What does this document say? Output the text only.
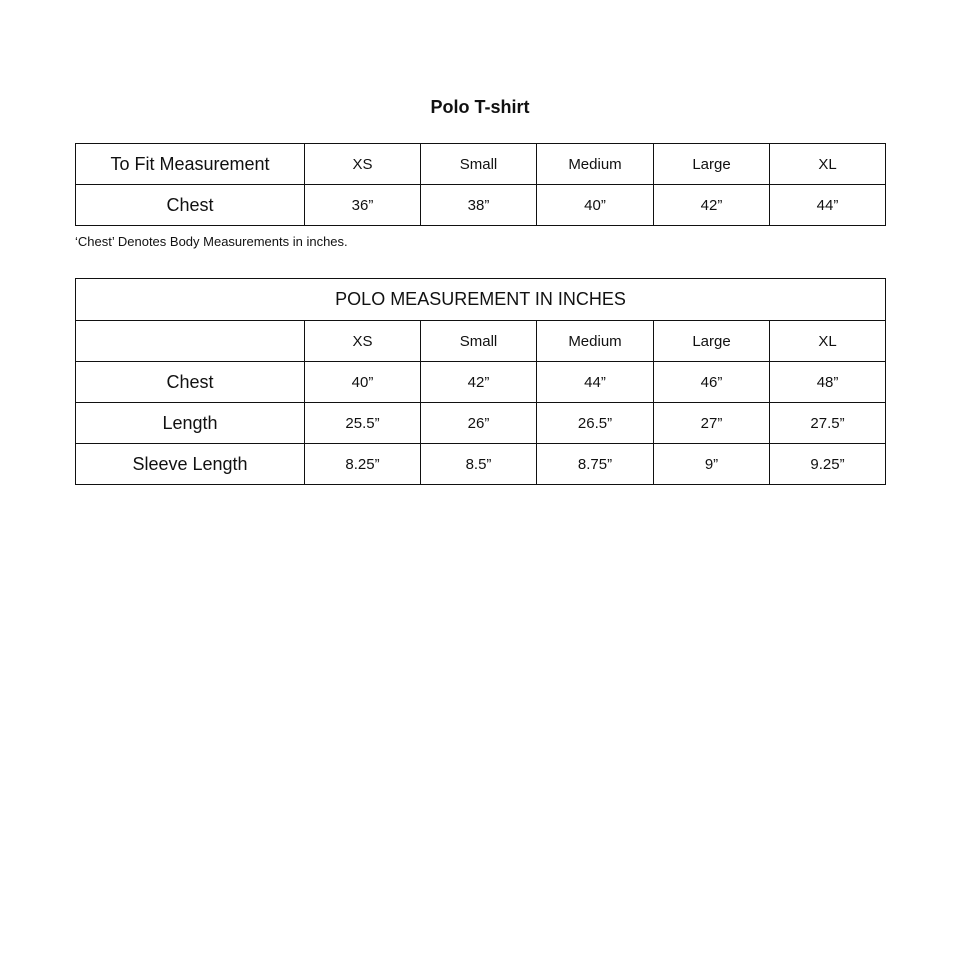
Polo T-shirt
To Fit Measurement	XS	Small	Medium	Large	XL
Chest	36”	38”	40”	42”	44”
‘Chest’ Denotes Body Measurements in inches.
POLO MEASUREMENT IN INCHES					
	XS	Small	Medium	Large	XL
Chest	40”	42”	44”	46”	48”
Length	25.5”	26”	26.5”	27”	27.5”
Sleeve Length	8.25”	8.5”	8.75”	9”	9.25”
